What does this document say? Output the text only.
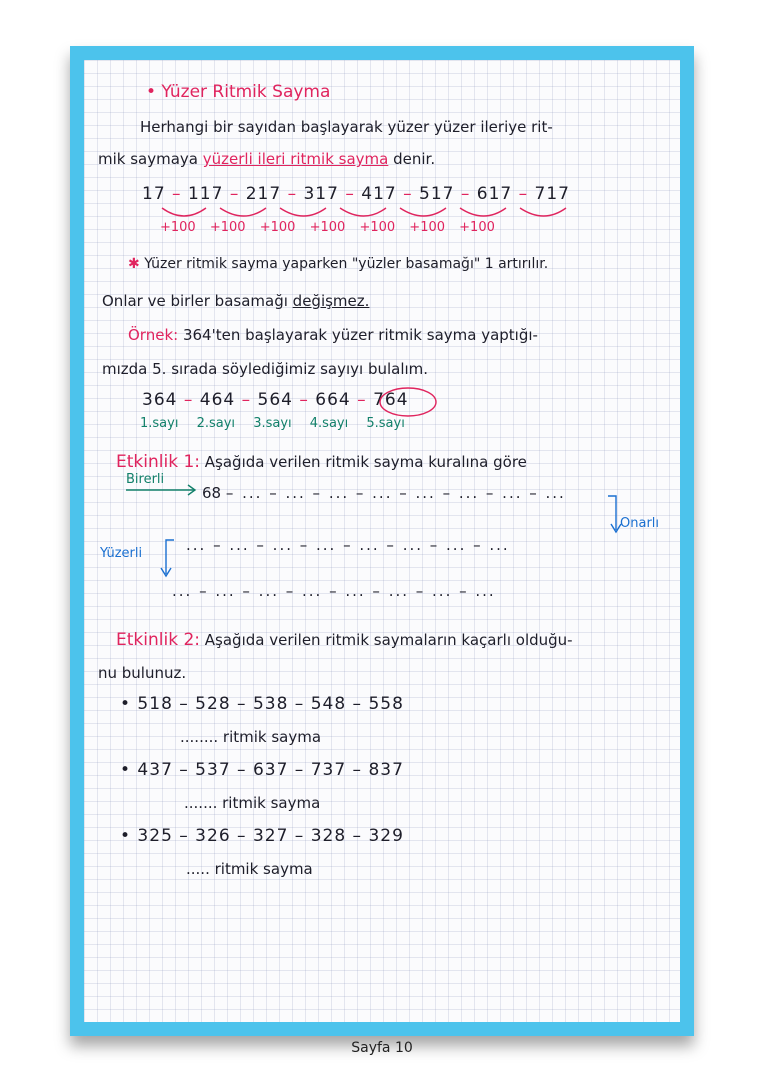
• Yüzer Ritmik Sayma
Herhangi bir sayıdan başlayarak yüzer yüzer ileriye rit-
mik saymaya yüzerli ileri ritmik sayma denir.
17 – 117 – 217 – 317 – 417 – 517 – 617 – 717
+100 +100 +100 +100 +100 +100 +100
✱ Yüzer ritmik sayma yaparken "yüzler basamağı" 1 artırılır.
Onlar ve birler basamağı değişmez.
Örnek: 364'ten başlayarak yüzer ritmik sayma yaptığı-
mızda 5. sırada söylediğimiz sayıyı bulalım.
364 – 464 – 564 – 664 – 764
1.sayı 2.sayı 3.sayı 4.sayı 5.sayı
Etkinlik 1: Aşağıda verilen ritmik sayma kuralına göre
Birerli
68 – ... – ... – ... – ... – ... – ... – ... – ...
Onarlı
Yüzerli	... – ... – ... – ... – ... – ... – ... – ...
... – ... – ... – ... – ... – ... – ... – ...
Etkinlik 2: Aşağıda verilen ritmik saymaların kaçarlı olduğu-
nu bulunuz.
• 518 – 528 – 538 – 548 – 558
........ ritmik sayma
• 437 – 537 – 637 – 737 – 837
....... ritmik sayma
• 325 – 326 – 327 – 328 – 329
..... ritmik sayma
Sayfa 10
